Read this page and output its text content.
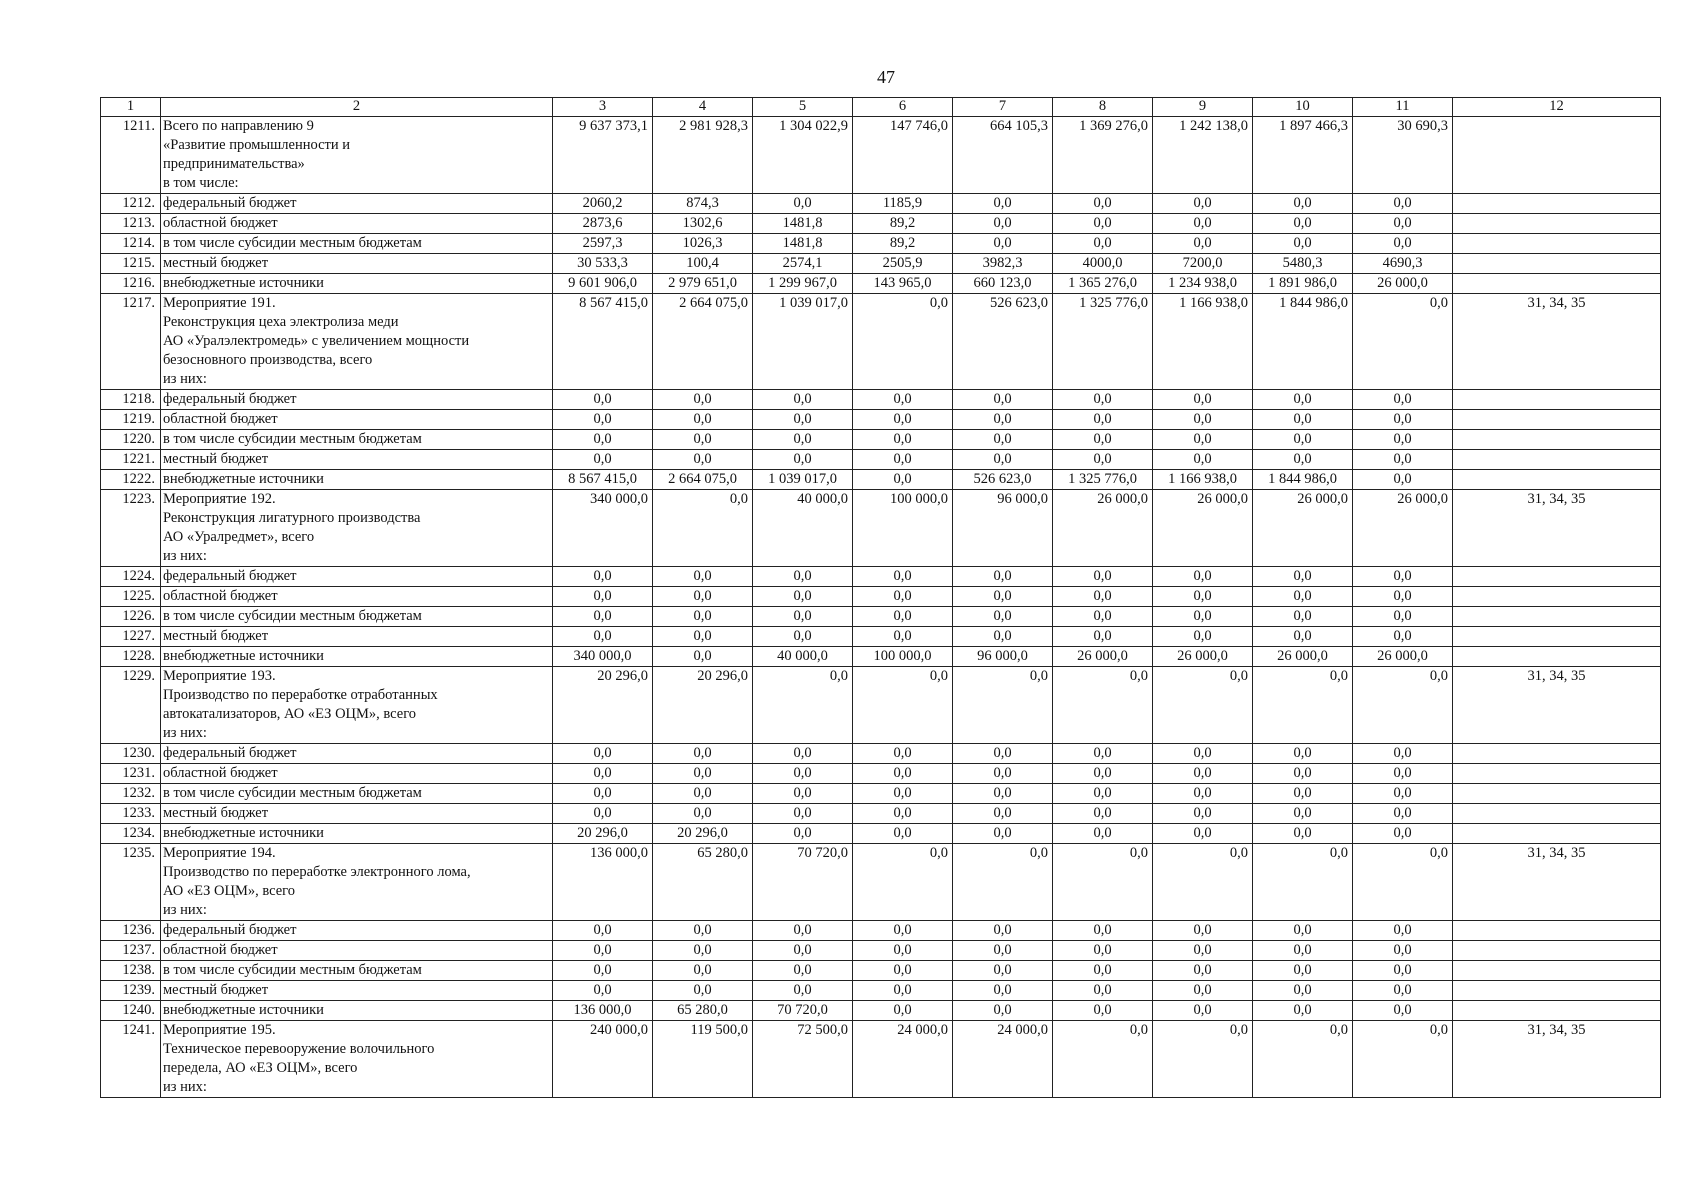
47
1	2	3	4	5	6	7	8	9	10	11	12
1211.	Всего по направлению 9
«Развитие промышленности и
предпринимательства»
в том числе:	9 637 373,1	2 981 928,3	1 304 022,9	147 746,0	664 105,3	1 369 276,0	1 242 138,0	1 897 466,3	30 690,3	
1212.	федеральный бюджет	2060,2	874,3	0,0	1185,9	0,0	0,0	0,0	0,0	0,0	
1213.	областной бюджет	2873,6	1302,6	1481,8	89,2	0,0	0,0	0,0	0,0	0,0	
1214.	в том числе субсидии местным бюджетам	2597,3	1026,3	1481,8	89,2	0,0	0,0	0,0	0,0	0,0	
1215.	местный бюджет	30 533,3	100,4	2574,1	2505,9	3982,3	4000,0	7200,0	5480,3	4690,3	
1216.	внебюджетные источники	9 601 906,0	2 979 651,0	1 299 967,0	143 965,0	660 123,0	1 365 276,0	1 234 938,0	1 891 986,0	26 000,0	
1217.	Мероприятие 191.
Реконструкция цеха электролиза меди
АО «Уралэлектромедь» с увеличением мощности
безосновного производства, всего
из них:	8 567 415,0	2 664 075,0	1 039 017,0	0,0	526 623,0	1 325 776,0	1 166 938,0	1 844 986,0	0,0	31, 34, 35
1218.	федеральный бюджет	0,0	0,0	0,0	0,0	0,0	0,0	0,0	0,0	0,0	
1219.	областной бюджет	0,0	0,0	0,0	0,0	0,0	0,0	0,0	0,0	0,0	
1220.	в том числе субсидии местным бюджетам	0,0	0,0	0,0	0,0	0,0	0,0	0,0	0,0	0,0	
1221.	местный бюджет	0,0	0,0	0,0	0,0	0,0	0,0	0,0	0,0	0,0	
1222.	внебюджетные источники	8 567 415,0	2 664 075,0	1 039 017,0	0,0	526 623,0	1 325 776,0	1 166 938,0	1 844 986,0	0,0	
1223.	Мероприятие 192.
Реконструкция лигатурного производства
АО «Уралредмет», всего
из них:	340 000,0	0,0	40 000,0	100 000,0	96 000,0	26 000,0	26 000,0	26 000,0	26 000,0	31, 34, 35
1224.	федеральный бюджет	0,0	0,0	0,0	0,0	0,0	0,0	0,0	0,0	0,0	
1225.	областной бюджет	0,0	0,0	0,0	0,0	0,0	0,0	0,0	0,0	0,0	
1226.	в том числе субсидии местным бюджетам	0,0	0,0	0,0	0,0	0,0	0,0	0,0	0,0	0,0	
1227.	местный бюджет	0,0	0,0	0,0	0,0	0,0	0,0	0,0	0,0	0,0	
1228.	внебюджетные источники	340 000,0	0,0	40 000,0	100 000,0	96 000,0	26 000,0	26 000,0	26 000,0	26 000,0	
1229.	Мероприятие 193.
Производство по переработке отработанных
автокатализаторов, АО «ЕЗ ОЦМ», всего
из них:	20 296,0	20 296,0	0,0	0,0	0,0	0,0	0,0	0,0	0,0	31, 34, 35
1230.	федеральный бюджет	0,0	0,0	0,0	0,0	0,0	0,0	0,0	0,0	0,0	
1231.	областной бюджет	0,0	0,0	0,0	0,0	0,0	0,0	0,0	0,0	0,0	
1232.	в том числе субсидии местным бюджетам	0,0	0,0	0,0	0,0	0,0	0,0	0,0	0,0	0,0	
1233.	местный бюджет	0,0	0,0	0,0	0,0	0,0	0,0	0,0	0,0	0,0	
1234.	внебюджетные источники	20 296,0	20 296,0	0,0	0,0	0,0	0,0	0,0	0,0	0,0	
1235.	Мероприятие 194.
Производство по переработке электронного лома,
АО «ЕЗ ОЦМ», всего
из них:	136 000,0	65 280,0	70 720,0	0,0	0,0	0,0	0,0	0,0	0,0	31, 34, 35
1236.	федеральный бюджет	0,0	0,0	0,0	0,0	0,0	0,0	0,0	0,0	0,0	
1237.	областной бюджет	0,0	0,0	0,0	0,0	0,0	0,0	0,0	0,0	0,0	
1238.	в том числе субсидии местным бюджетам	0,0	0,0	0,0	0,0	0,0	0,0	0,0	0,0	0,0	
1239.	местный бюджет	0,0	0,0	0,0	0,0	0,0	0,0	0,0	0,0	0,0	
1240.	внебюджетные источники	136 000,0	65 280,0	70 720,0	0,0	0,0	0,0	0,0	0,0	0,0	
1241.	Мероприятие 195.
Техническое перевооружение волочильного
передела, АО «ЕЗ ОЦМ», всего
из них:	240 000,0	119 500,0	72 500,0	24 000,0	24 000,0	0,0	0,0	0,0	0,0	31, 34, 35
